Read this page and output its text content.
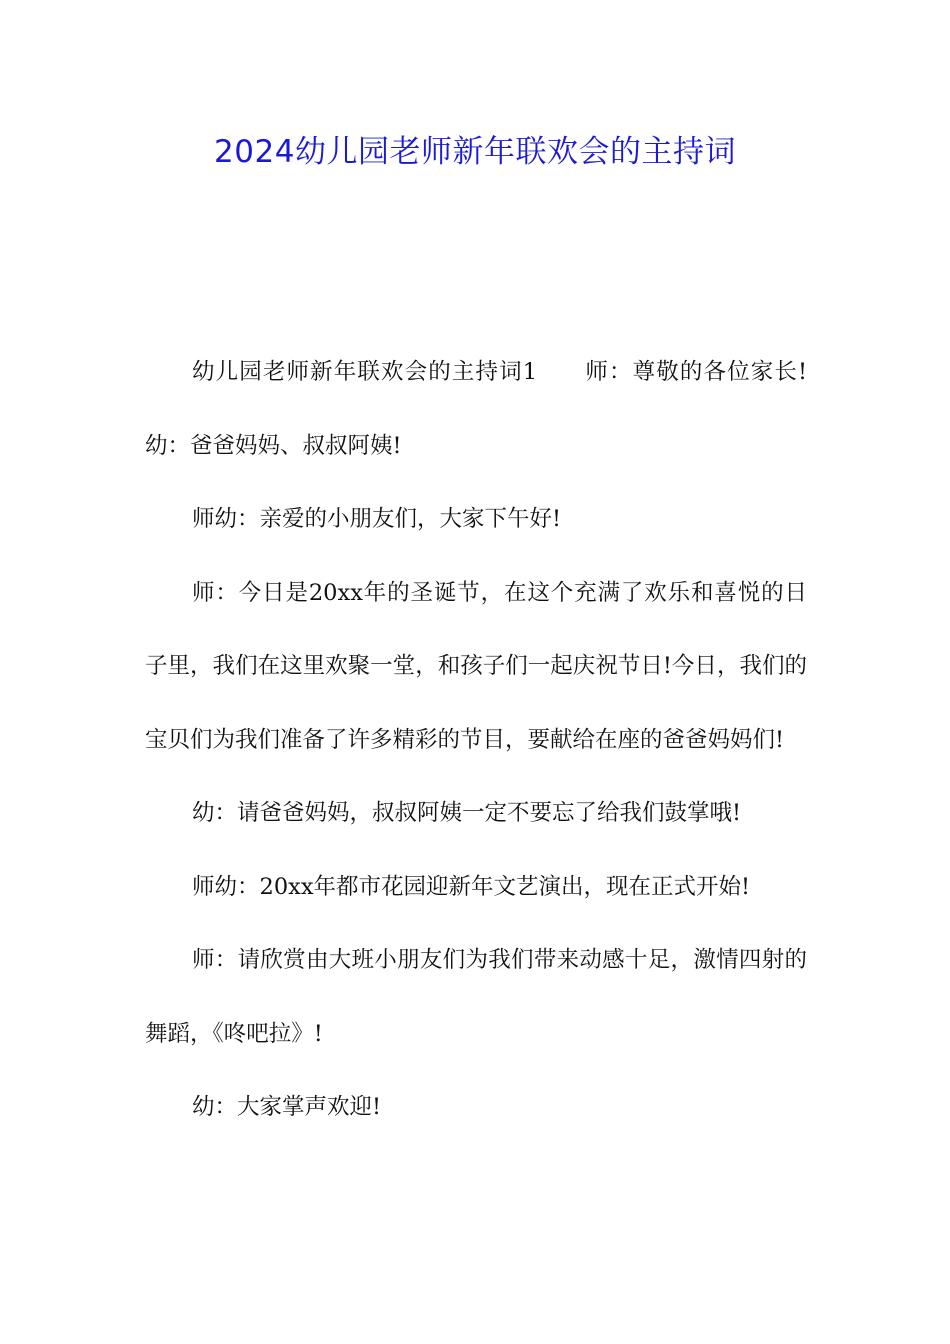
2024幼儿园老师新年联欢会的主持词

幼儿园老师新年联欢会的主持词1　　师：尊敬的各位家长!幼：爸爸妈妈、叔叔阿姨!

师幼：亲爱的小朋友们，大家下午好!

师：今日是20xx年的圣诞节，在这个充满了欢乐和喜悦的日子里，我们在这里欢聚一堂，和孩子们一起庆祝节日!今日，我们的宝贝们为我们准备了许多精彩的节目，要献给在座的爸爸妈妈们!

幼：请爸爸妈妈，叔叔阿姨一定不要忘了给我们鼓掌哦!

师幼：20xx年都市花园迎新年文艺演出，现在正式开始!

师：请欣赏由大班小朋友们为我们带来动感十足，激情四射的舞蹈，《咚吧拉》!

幼：大家掌声欢迎!
